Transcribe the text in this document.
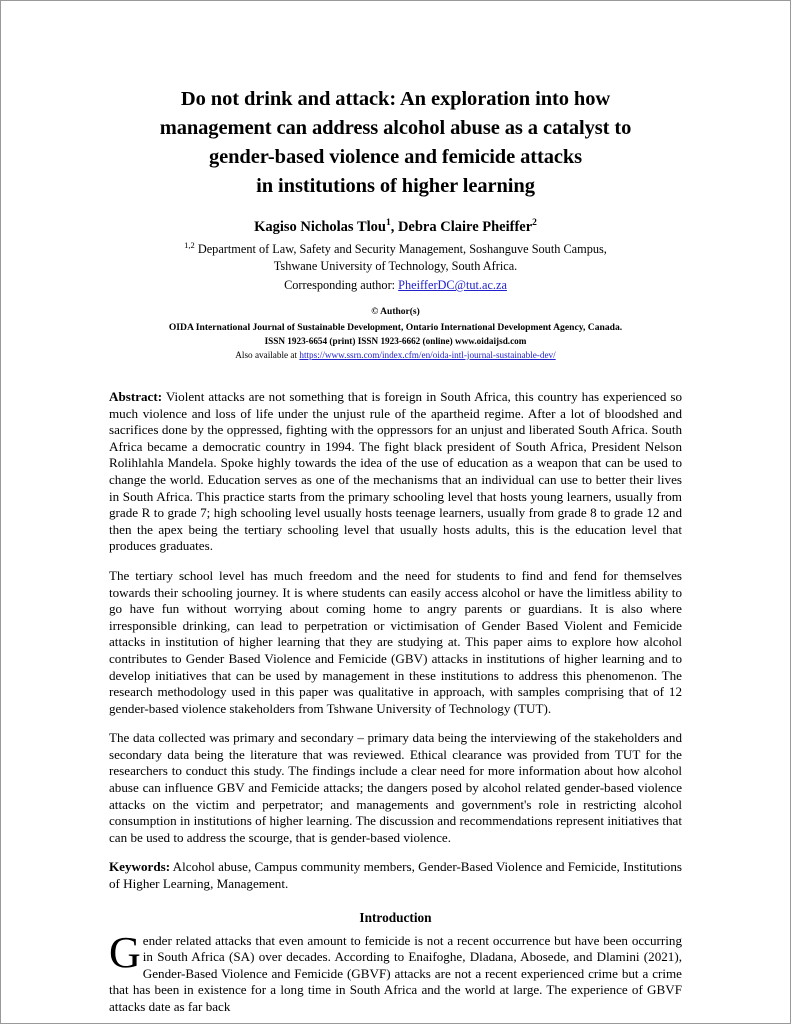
Do not drink and attack: An exploration into how
management can address alcohol abuse as a catalyst to
gender-based violence and femicide attacks
in institutions of higher learning
Kagiso Nicholas Tlou$^1$, Debra Claire Pheiffer$^2$
$^{1,2}$ Department of Law, Safety and Security Management, Soshanguve South Campus,
Tshwane University of Technology, South Africa.
Corresponding author: PheifferDC@tut.ac.za
© Author(s)
OIDA International Journal of Sustainable Development, Ontario International Development Agency, Canada.
ISSN 1923-6654 (print) ISSN 1923-6662 (online) www.oidaijsd.com
Also available at https://www.ssrn.com/index.cfm/en/oida-intl-journal-sustainable-dev/

Abstract: Violent attacks are not something that is foreign in South Africa, this country has experienced so much violence and loss of life under the unjust rule of the apartheid regime. After a lot of bloodshed and sacrifices done by the oppressed, fighting with the oppressors for an unjust and liberated South Africa. South Africa became a democratic country in 1994. The fight black president of South Africa, President Nelson Rolihlahla Mandela. Spoke highly towards the idea of the use of education as a weapon that can be used to change the world. Education serves as one of the mechanisms that an individual can use to better their lives in South Africa. This practice starts from the primary schooling level that hosts young learners, usually from grade R to grade 7; high schooling level usually hosts teenage learners, usually from grade 8 to grade 12 and then the apex being the tertiary schooling level that usually hosts adults, this is the education level that produces graduates.

The tertiary school level has much freedom and the need for students to find and fend for themselves towards their schooling journey. It is where students can easily access alcohol or have the limitless ability to go have fun without worrying about coming home to angry parents or guardians. It is also where irresponsible drinking, can lead to perpetration or victimisation of Gender Based Violent and Femicide attacks in institution of higher learning that they are studying at. This paper aims to explore how alcohol contributes to Gender Based Violence and Femicide (GBV) attacks in institutions of higher learning and to develop initiatives that can be used by management in these institutions to address this phenomenon. The research methodology used in this paper was qualitative in approach, with samples comprising that of 12 gender-based violence stakeholders from Tshwane University of Technology (TUT).

The data collected was primary and secondary – primary data being the interviewing of the stakeholders and secondary data being the literature that was reviewed. Ethical clearance was provided from TUT for the researchers to conduct this study. The findings include a clear need for more information about how alcohol abuse can influence GBV and Femicide attacks; the dangers posed by alcohol related gender-based violence attacks on the victim and perpetrator; and managements and government's role in restricting alcohol consumption in institutions of higher learning. The discussion and recommendations represent initiatives that can be used to address the scourge, that is gender-based violence.

Keywords: Alcohol abuse, Campus community members, Gender-Based Violence and Femicide, Institutions of Higher Learning, Management.

Introduction

Gender related attacks that even amount to femicide is not a recent occurrence but have been occurring in South Africa (SA) over decades. According to Enaifoghe, Dladana, Abosede, and Dlamini (2021), Gender-Based Violence and Femicide (GBVF) attacks are not a recent experienced crime but a crime that has been in existence for a long time in South Africa and the world at large. The experience of GBVF attacks date as far back
